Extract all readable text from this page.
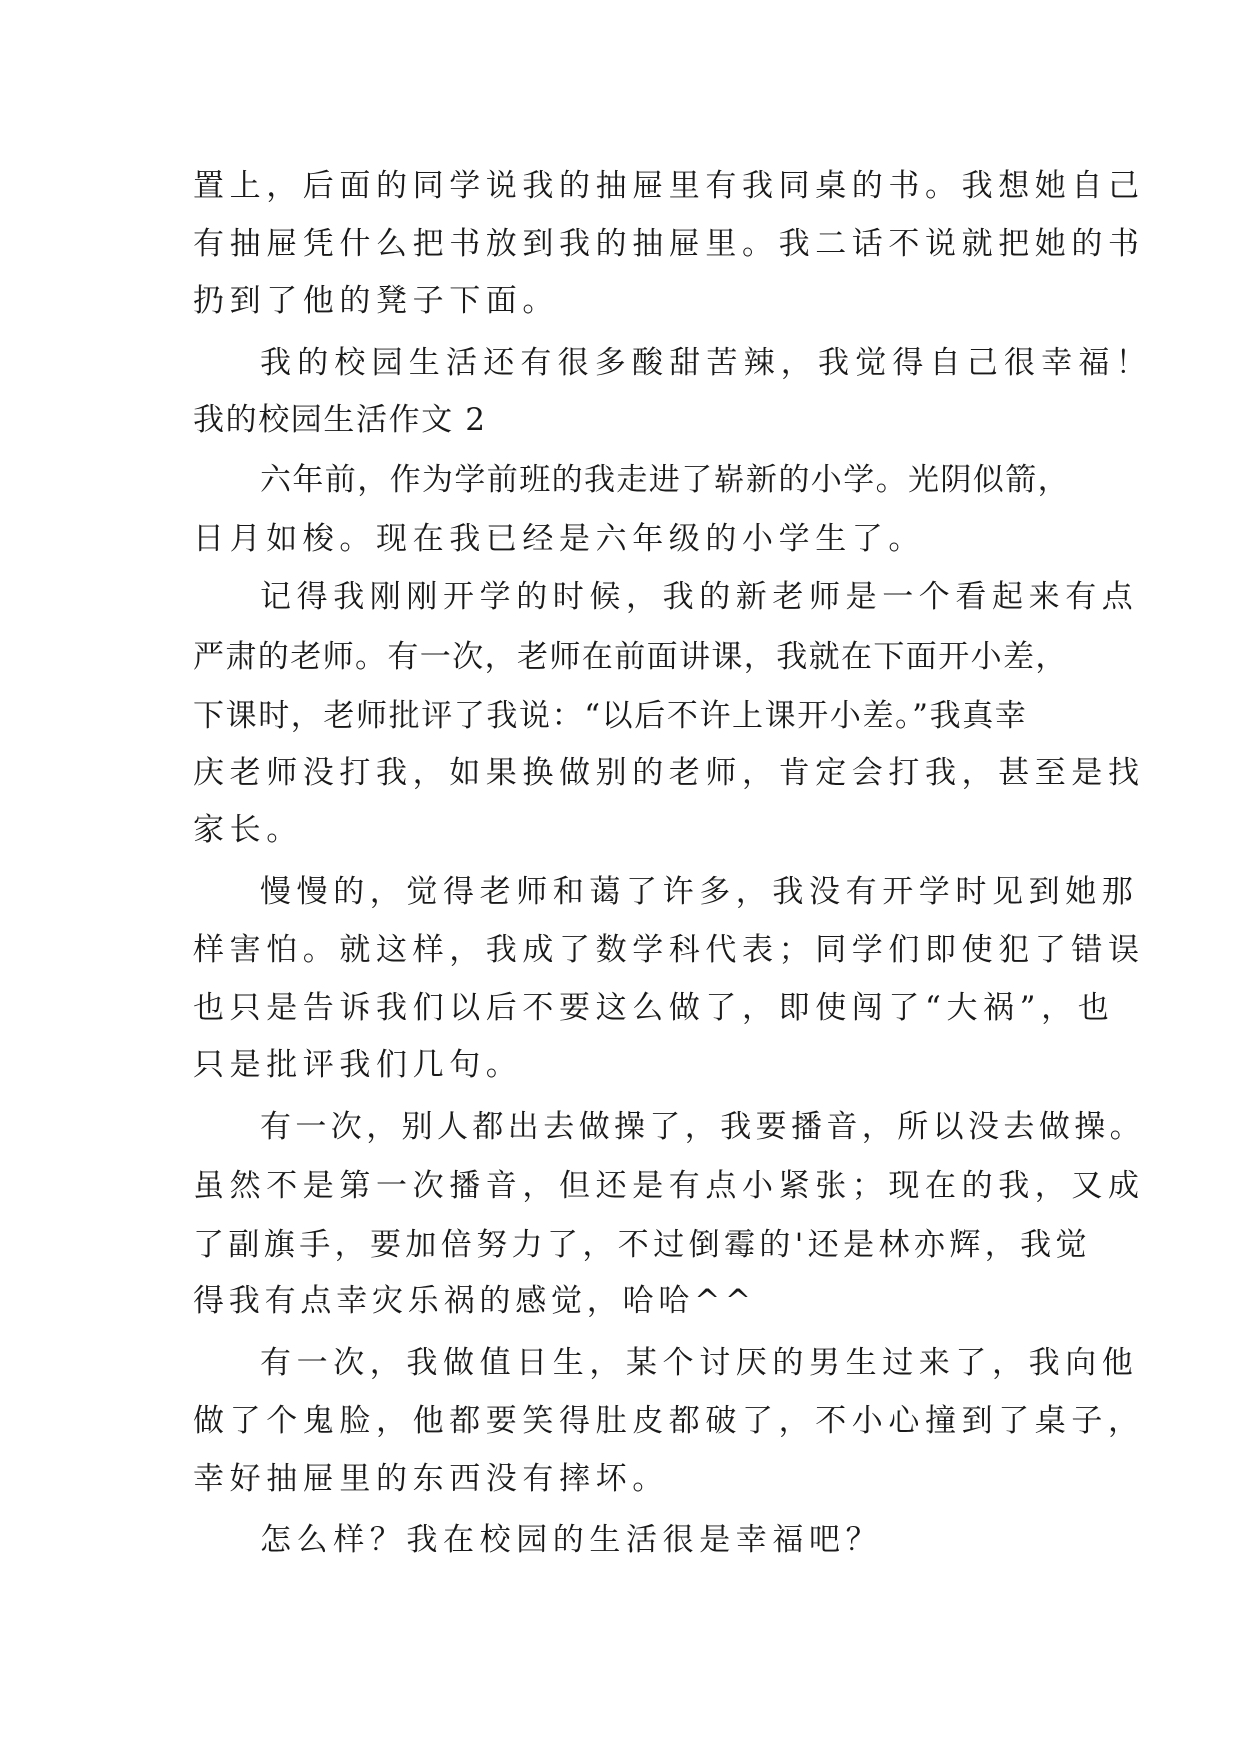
置上，后面的同学说我的抽屉里有我同桌的书。我想她自己
有抽屉凭什么把书放到我的抽屉里。我二话不说就把她的书
扔到了他的凳子下面。
我的校园生活还有很多酸甜苦辣，我觉得自己很幸福！
我的校园生活作文 2
六年前，作为学前班的我走进了崭新的小学。光阴似箭，
日月如梭。现在我已经是六年级的小学生了。
记得我刚刚开学的时候，我的新老师是一个看起来有点
严肃的老师。有一次，老师在前面讲课，我就在下面开小差，
下课时，老师批评了我说：“以后不许上课开小差。”我真幸
庆老师没打我，如果换做别的老师，肯定会打我，甚至是找
家长。
慢慢的，觉得老师和蔼了许多，我没有开学时见到她那
样害怕。就这样，我成了数学科代表；同学们即使犯了错误
也只是告诉我们以后不要这么做了，即使闯了“大祸”，也
只是批评我们几句。
有一次，别人都出去做操了，我要播音，所以没去做操。
虽然不是第一次播音，但还是有点小紧张；现在的我，又成
了副旗手，要加倍努力了，不过倒霉的'还是林亦辉，我觉
得我有点幸灾乐祸的感觉，哈哈^^
有一次，我做值日生，某个讨厌的男生过来了，我向他
做了个鬼脸，他都要笑得肚皮都破了，不小心撞到了桌子，
幸好抽屉里的东西没有摔坏。
怎么样？我在校园的生活很是幸福吧？
